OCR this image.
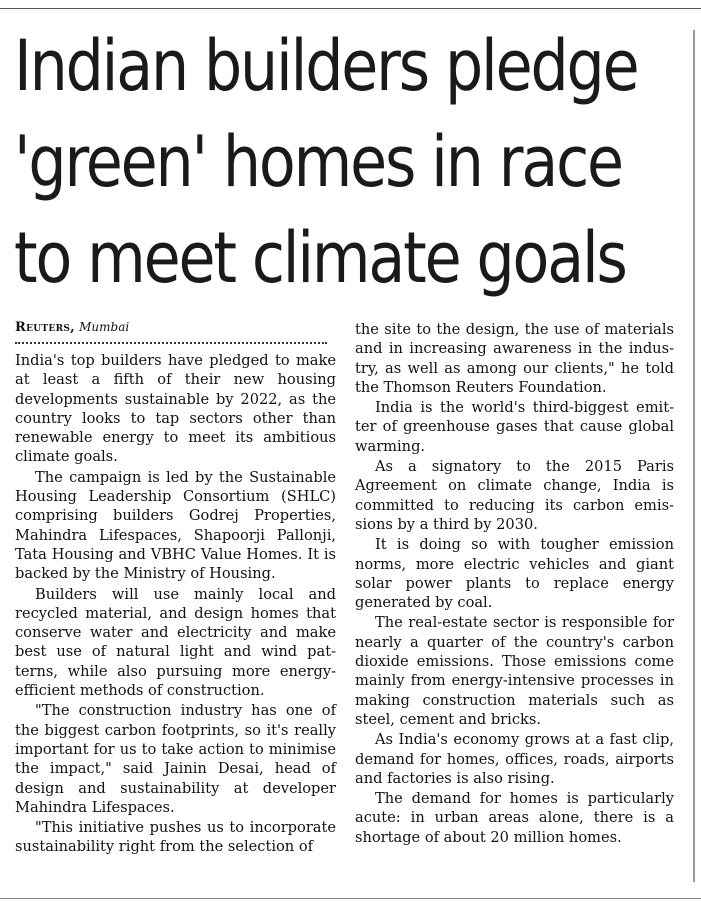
Indian builders pledge
'green' homes in race
to meet climate goals
Reuters, Mumbai

India's top builders have pledged to make at least a fifth of their new housing developments sustainable by 2022, as the country looks to tap sectors other than renewable energy to meet its ambitious climate goals.

The campaign is led by the Sustainable Housing Leadership Consortium (SHLC) comprising builders Godrej Properties, Mahindra Lifespaces, Shapoorji Pallonji, Tata Housing and VBHC Value Homes. It is backed by the Ministry of Housing.

Builders will use mainly local and recycled material, and design homes that conserve water and electricity and make best use of natural light and wind patterns, while also pursuing more energy-efficient methods of construction.

"The construction industry has one of the biggest carbon footprints, so it's really important for us to take action to minimise the impact," said Jainin Desai, head of design and sustainability at developer Mahindra Lifespaces.

"This initiative pushes us to incorporate sustainability right from the selection of

the site to the design, the use of materials and in increasing awareness in the industry, as well as among our clients," he told the Thomson Reuters Foundation.

India is the world's third-biggest emitter of greenhouse gases that cause global warming.

As a signatory to the 2015 Paris Agreement on climate change, India is committed to reducing its carbon emissions by a third by 2030.

It is doing so with tougher emission norms, more electric vehicles and giant solar power plants to replace energy generated by coal.

The real-estate sector is responsible for nearly a quarter of the country's carbon dioxide emissions. Those emissions come mainly from energy-intensive processes in making construction materials such as steel, cement and bricks.

As India's economy grows at a fast clip, demand for homes, offices, roads, airports and factories is also rising.

The demand for homes is particularly acute: in urban areas alone, there is a shortage of about 20 million homes.
